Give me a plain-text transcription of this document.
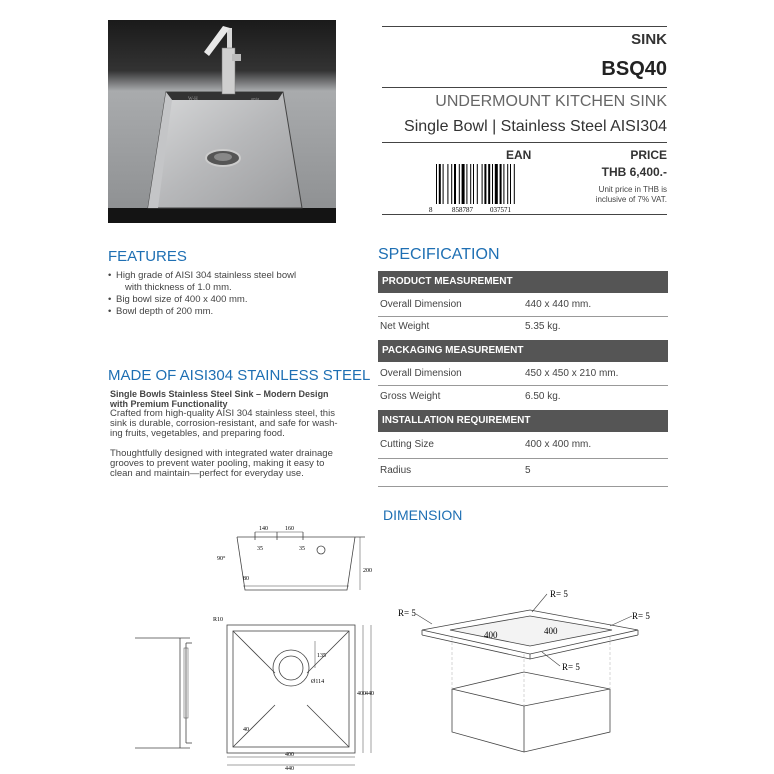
W-H	arvia
SINK
BSQ40
UNDERMOUNT KITCHEN SINK
Single Bowl | Stainless Steel AISI304
EAN	PRICE
THB 6,400.-
Unit price in THB is
inclusive of 7% VAT.
8	858787 037571
FEATURES
• High grade of AISI 304 stainless steel bowl
with thickness of 1.0 mm.
• Big bowl size of 400 x 400 mm.
• Bowl depth of 200 mm.
MADE OF AISI304 STAINLESS STEEL
Single Bowls Stainless Steel Sink – Modern Design
with Premium Functionality
Crafted from high-quality AISI 304 stainless steel, this
sink is durable, corrosion-resistant, and safe for wash-
ing fruits, vegetables, and preparing food.
Thoughtfully designed with integrated water drainage
grooves to prevent water pooling, making it easy to
clean and maintain—perfect for everyday use.
SPECIFICATION
PRODUCT MEASUREMENT
Overall Dimension	440 x 440 mm.
Net Weight	5.35 kg.
PACKAGING MEASUREMENT
Overall Dimension	450 x 450 x 210 mm.
Gross Weight	6.50 kg.
INSTALLATION REQUIREMENT
Cutting Size	400 x 400 mm.
Radius	5
DIMENSION
140	160
35	35
200
90°
80
R10
135
Ø114
400
440
400 440
40
R= 5
R= 5
R= 5
R= 5
400	400
